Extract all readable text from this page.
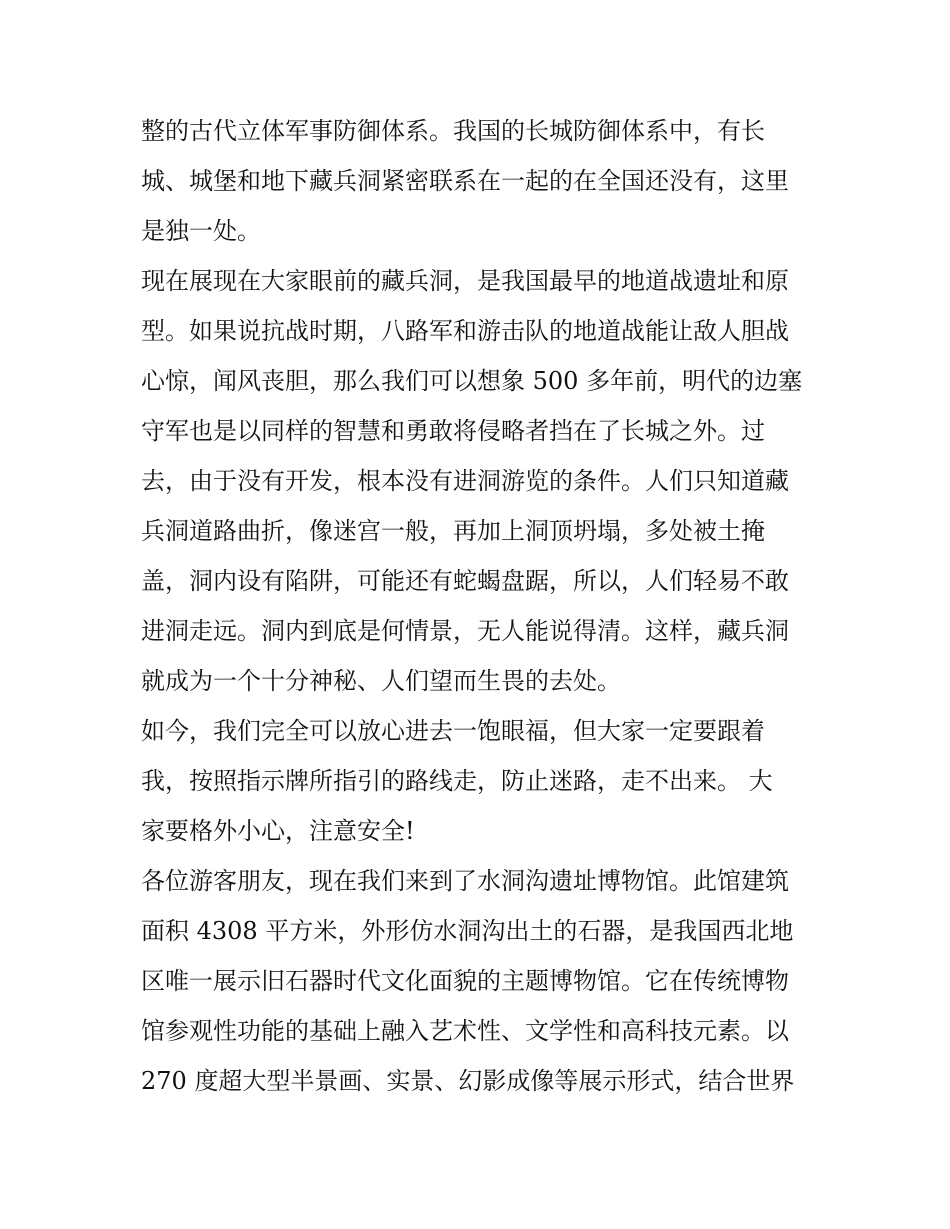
整的古代立体军事防御体系。我国的长城防御体系中，有长
城、城堡和地下藏兵洞紧密联系在一起的在全国还没有，这里
是独一处。
现在展现在大家眼前的藏兵洞，是我国最早的地道战遗址和原
型。如果说抗战时期，八路军和游击队的地道战能让敌人胆战
心惊，闻风丧胆，那么我们可以想象 500 多年前，明代的边塞
守军也是以同样的智慧和勇敢将侵略者挡在了长城之外。过
去，由于没有开发，根本没有进洞游览的条件。人们只知道藏
兵洞道路曲折，像迷宫一般，再加上洞顶坍塌，多处被土掩
盖，洞内设有陷阱，可能还有蛇蝎盘踞，所以，人们轻易不敢
进洞走远。洞内到底是何情景，无人能说得清。这样，藏兵洞
就成为一个十分神秘、人们望而生畏的去处。
如今，我们完全可以放心进去一饱眼福，但大家一定要跟着
我，按照指示牌所指引的路线走，防止迷路，走不出来。 大
家要格外小心，注意安全!
各位游客朋友，现在我们来到了水洞沟遗址博物馆。此馆建筑
面积 4308 平方米，外形仿水洞沟出土的石器，是我国西北地
区唯一展示旧石器时代文化面貌的主题博物馆。它在传统博物
馆参观性功能的基础上融入艺术性、文学性和高科技元素。以
270 度超大型半景画、实景、幻影成像等展示形式，结合世界
